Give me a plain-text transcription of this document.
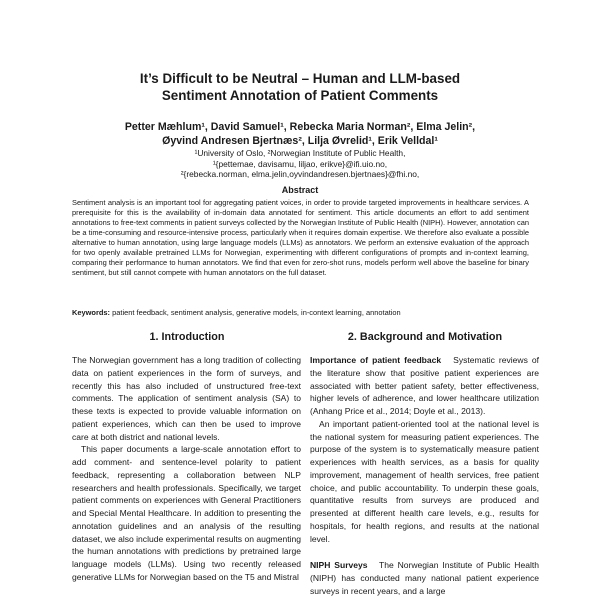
It’s Difficult to be Neutral – Human and LLM-based
Sentiment Annotation of Patient Comments
Petter Mæhlum¹, David Samuel¹, Rebecka Maria Norman², Elma Jelin²,
Øyvind Andresen Bjertnæs², Lilja Øvrelid¹, Erik Velldal¹
¹University of Oslo, ²Norwegian Institute of Public Health,
¹{pettemae, davisamu, liljao, erikve}@ifi.uio.no,
²{rebecka.norman, elma.jelin,oyvindandresen.bjertnaes}@fhi.no,
Abstract
Sentiment analysis is an important tool for aggregating patient voices, in order to provide targeted improvements in healthcare services. A prerequisite for this is the availability of in-domain data annotated for sentiment. This article documents an effort to add sentiment annotations to free-text comments in patient surveys collected by the Norwegian Institute of Public Health (NIPH). However, annotation can be a time-consuming and resource-intensive process, particularly when it requires domain expertise. We therefore also evaluate a possible alternative to human annotation, using large language models (LLMs) as annotators. We perform an extensive evaluation of the approach for two openly available pretrained LLMs for Norwegian, experimenting with different configurations of prompts and in-context learning, comparing their performance to human annotators. We find that even for zero-shot runs, models perform well above the baseline for binary sentiment, but still cannot compete with human annotators on the full dataset.
Keywords: patient feedback, sentiment analysis, generative models, in-context learning, annotation
1. Introduction	2. Background and Motivation

The Norwegian government has a long tradition of collecting data on patient experiences in the form of surveys, and recently this has also included of unstructured free-text comments. The application of sentiment analysis (SA) to these texts is expected to provide valuable information on patient experiences, which can then be used to improve care at both district and national levels.

This paper documents a large-scale annotation effort to add comment- and sentence-level polarity to patient feedback, representing a collaboration between NLP researchers and health professionals. Specifically, we target patient comments on experiences with General Practitioners and Special Mental Healthcare. In addition to presenting the annotation guidelines and an analysis of the resulting dataset, we also include experimental results on augmenting the human annotations with predictions by pretrained large language models (LLMs). Using two recently released generative LLMs for Norwegian based on the T5 and Mistral

Importance of patient feedback Systematic reviews of the literature show that positive patient experiences are associated with better patient safety, better effectiveness, higher levels of adherence, and lower healthcare utilization (Anhang Price et al., 2014; Doyle et al., 2013).

An important patient-oriented tool at the national level is the national system for measuring patient experiences. The purpose of the system is to systematically measure patient experiences with health services, as a basis for quality improvement, management of health services, free patient choice, and public accountability. To underpin these goals, quantitative results from surveys are produced and presented at different health care levels, e.g., results for hospitals, for health regions, and results at the national level.

NIPH Surveys The Norwegian Institute of Public Health (NIPH) has conducted many national patient experience surveys in recent years, and a large
